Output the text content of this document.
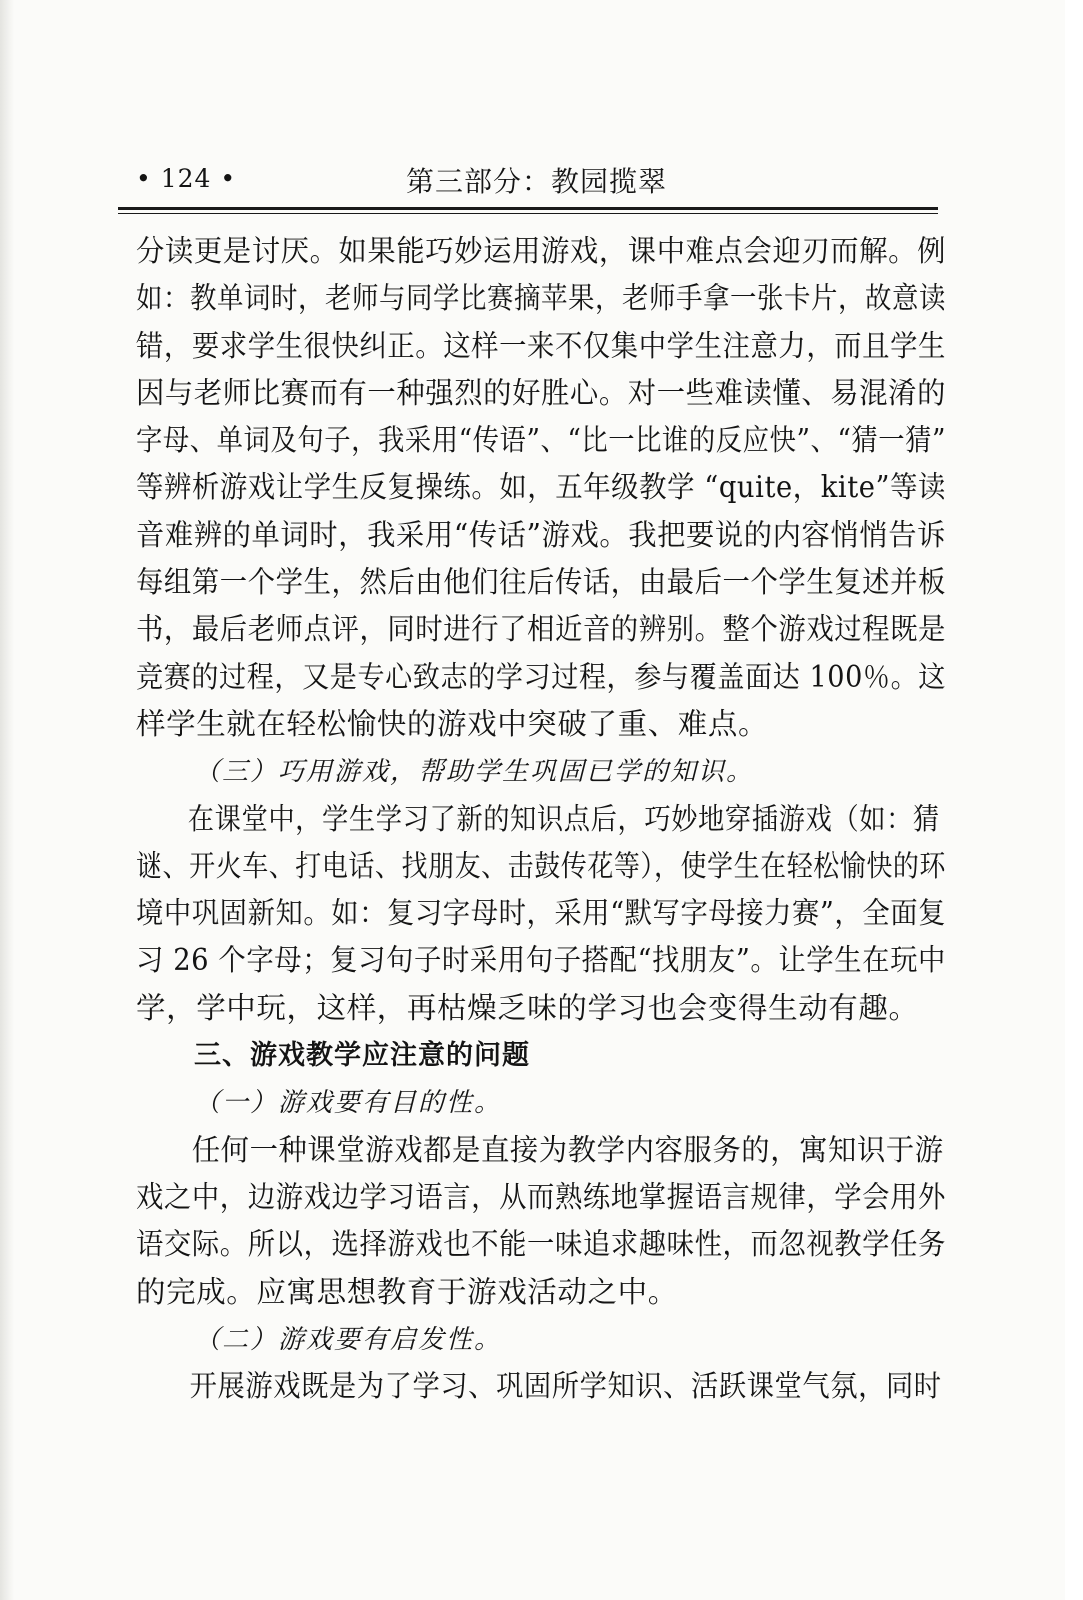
• 124 •	第三部分：教园揽翠
分读更是讨厌。如果能巧妙运用游戏，课中难点会迎刃而解。例
如：教单词时，老师与同学比赛摘苹果，老师手拿一张卡片，故意读
错，要求学生很快纠正。这样一来不仅集中学生注意力，而且学生
因与老师比赛而有一种强烈的好胜心。对一些难读懂、易混淆的
字母、单词及句子，我采用“传语”、“比一比谁的反应快”、“猜一猜”
等辨析游戏让学生反复操练。如，五年级教学 “quite，kite”等读
音难辨的单词时，我采用“传话”游戏。我把要说的内容悄悄告诉
每组第一个学生，然后由他们往后传话，由最后一个学生复述并板
书，最后老师点评，同时进行了相近音的辨别。整个游戏过程既是
竞赛的过程，又是专心致志的学习过程，参与覆盖面达 100％。这
样学生就在轻松愉快的游戏中突破了重、难点。
（三）巧用游戏，帮助学生巩固已学的知识。
在课堂中，学生学习了新的知识点后，巧妙地穿插游戏（如：猜
谜、开火车、打电话、找朋友、击鼓传花等），使学生在轻松愉快的环
境中巩固新知。如：复习字母时，采用“默写字母接力赛”，全面复
习 26 个字母；复习句子时采用句子搭配“找朋友”。让学生在玩中
学，学中玩，这样，再枯燥乏味的学习也会变得生动有趣。
三、游戏教学应注意的问题
（一）游戏要有目的性。
任何一种课堂游戏都是直接为教学内容服务的，寓知识于游
戏之中，边游戏边学习语言，从而熟练地掌握语言规律，学会用外
语交际。所以，选择游戏也不能一味追求趣味性，而忽视教学任务
的完成。应寓思想教育于游戏活动之中。
（二）游戏要有启发性。
开展游戏既是为了学习、巩固所学知识、活跃课堂气氛，同时
